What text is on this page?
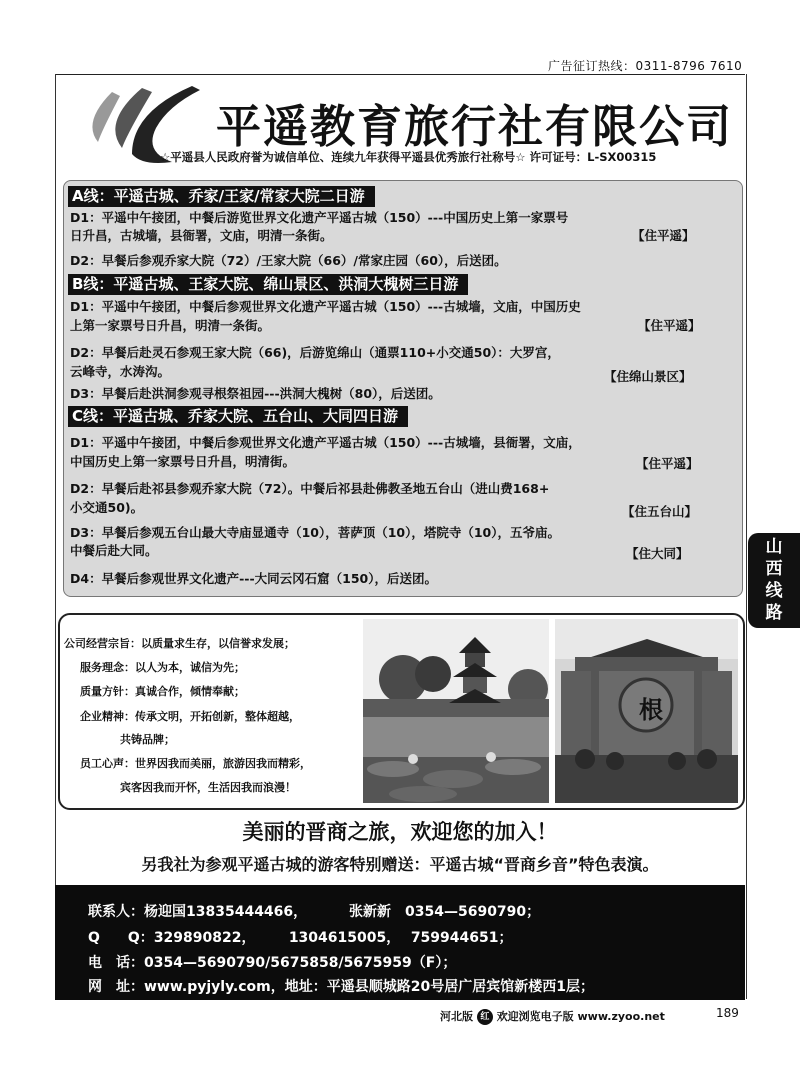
广告征订热线：0311-8796 7610
平遥教育旅行社有限公司
☆平遥县人民政府誉为诚信单位、连续九年获得平遥县优秀旅行社称号☆ 许可证号：L-SX00315
A线：平遥古城、乔家/王家/常家大院二日游
D1：平遥中午接团，中餐后游览世界文化遗产平遥古城（150）---中国历史上第一家票号
日升昌，古城墙，县衙署，文庙，明清一条街。	【住平遥】
D2：早餐后参观乔家大院（72）/王家大院（66）/常家庄园（60），后送团。
B线：平遥古城、王家大院、绵山景区、洪洞大槐树三日游
D1：平遥中午接团，中餐后参观世界文化遗产平遥古城（150）---古城墙，文庙，中国历史
上第一家票号日升昌，明清一条街。	【住平遥】
D2：早餐后赴灵石参观王家大院（66)，后游览绵山（通票110+小交通50）：大罗宫，
云峰寺，水涛沟。	【住绵山景区】
D3：早餐后赴洪洞参观寻根祭祖园---洪洞大槐树（80），后送团。
C线：平遥古城、乔家大院、五台山、大同四日游
D1：平遥中午接团，中餐后参观世界文化遗产平遥古城（150）---古城墙，县衙署，文庙，
中国历史上第一家票号日升昌，明清街。	【住平遥】
D2：早餐后赴祁县参观乔家大院（72）。中餐后祁县赴佛教圣地五台山（进山费168+
小交通50)。	【住五台山】
D3：早餐后参观五台山最大寺庙显通寺（10），菩萨顶（10），塔院寺（10），五爷庙。
中餐后赴大同。	【住大同】
D4：早餐后参观世界文化遗产---大同云冈石窟（150），后送团。
山
西
线
路
公司经营宗旨：以质量求生存，以信誉求发展；
服务理念：以人为本，诚信为先；
质量方针：真诚合作，倾情奉献；
企业精神：传承文明，开拓创新，整体超越，
共铸品牌；
员工心声：世界因我而美丽，旅游因我而精彩，
宾客因我而开怀，生活因我而浪漫！
根
美丽的晋商之旅，欢迎您的加入！
另我社为参观平遥古城的游客特别赠送：平遥古城“晋商乡音”特色表演。
联系人：杨迎国13835444466，	张新新　0354—5690790；
Q　　Q：329890822， 1304615005， 759944651；
电　话：0354—5690790/5675858/5675959（F）；
网　址：www.pyjyly.com，地址：平遥县顺城路20号居广居宾馆新楼西1层；
河北版 红 欢迎浏览电子版 www.zyoo.net	189
